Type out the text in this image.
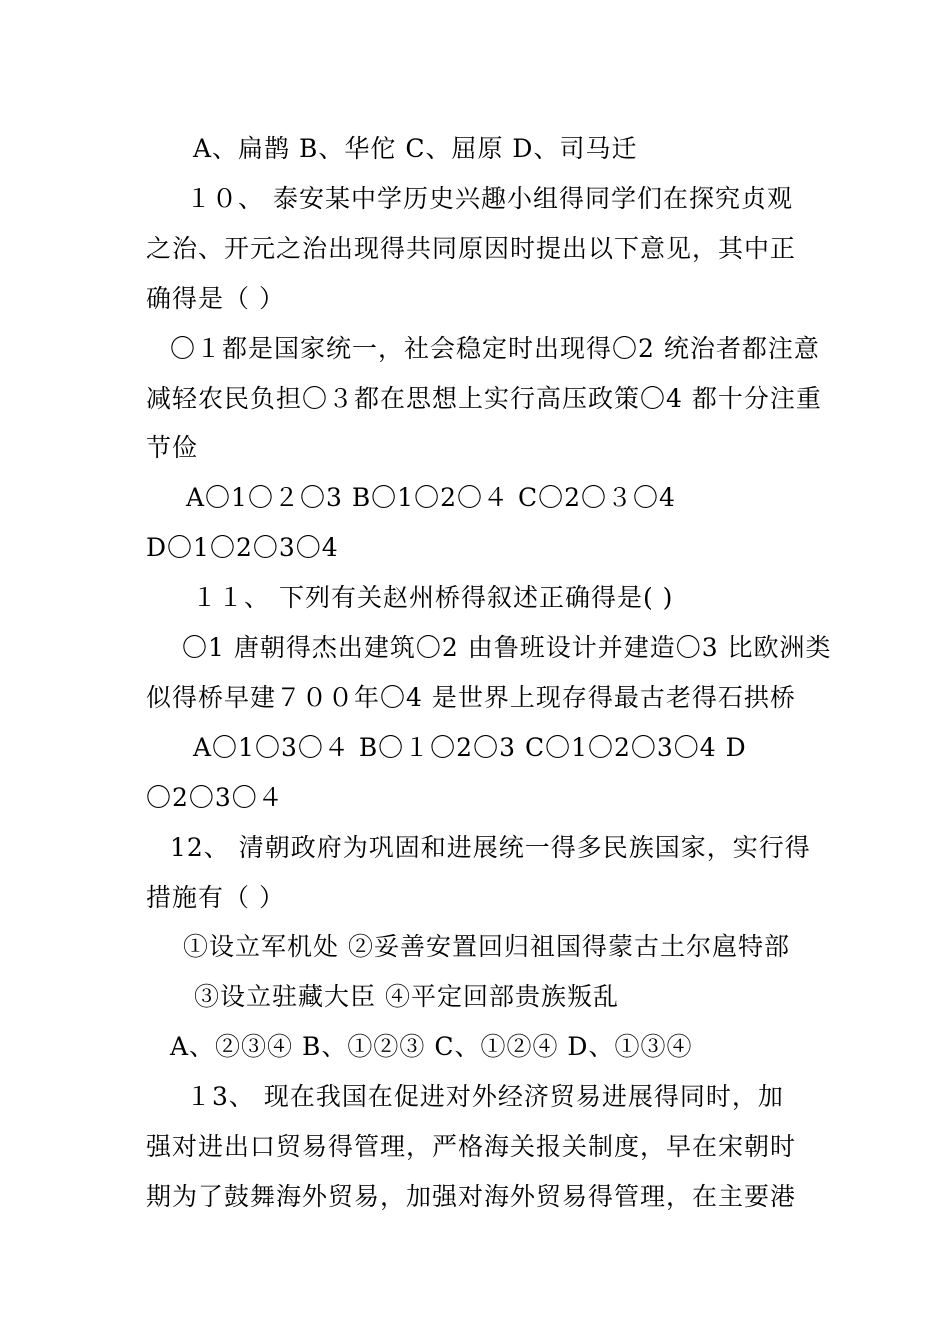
A、扁鹊 B、华佗 C、屈原 D、司马迁
１０、 泰安某中学历史兴趣小组得同学们在探究贞观
之治、开元之治出现得共同原因时提出以下意见，其中正
确得是（ ）
〇１都是国家统一，社会稳定时出现得〇2 统治者都注意
减轻农民负担〇３都在思想上实行高压政策〇4 都十分注重
节俭
A〇1〇２〇3 B〇1〇2〇４ C〇2〇３〇4
D〇1〇2〇3〇4
１１、 下列有关赵州桥得叙述正确得是( )
〇1 唐朝得杰出建筑〇2 由鲁班设计并建造〇3 比欧洲类
似得桥早建７００年〇4 是世界上现存得最古老得石拱桥
A〇1〇3〇４ B〇１〇2〇3 C〇1〇2〇3〇4 D
〇2〇3〇４
12、 清朝政府为巩固和进展统一得多民族国家，实行得
措施有（ ）
①设立军机处 ②妥善安置回归祖国得蒙古土尔扈特部
③设立驻藏大臣 ④平定回部贵族叛乱
A、②③④ B、①②③ C、①②④ D、①③④
１3、 现在我国在促进对外经济贸易进展得同时，加
强对进出口贸易得管理，严格海关报关制度，早在宋朝时
期为了鼓舞海外贸易，加强对海外贸易得管理，在主要港
